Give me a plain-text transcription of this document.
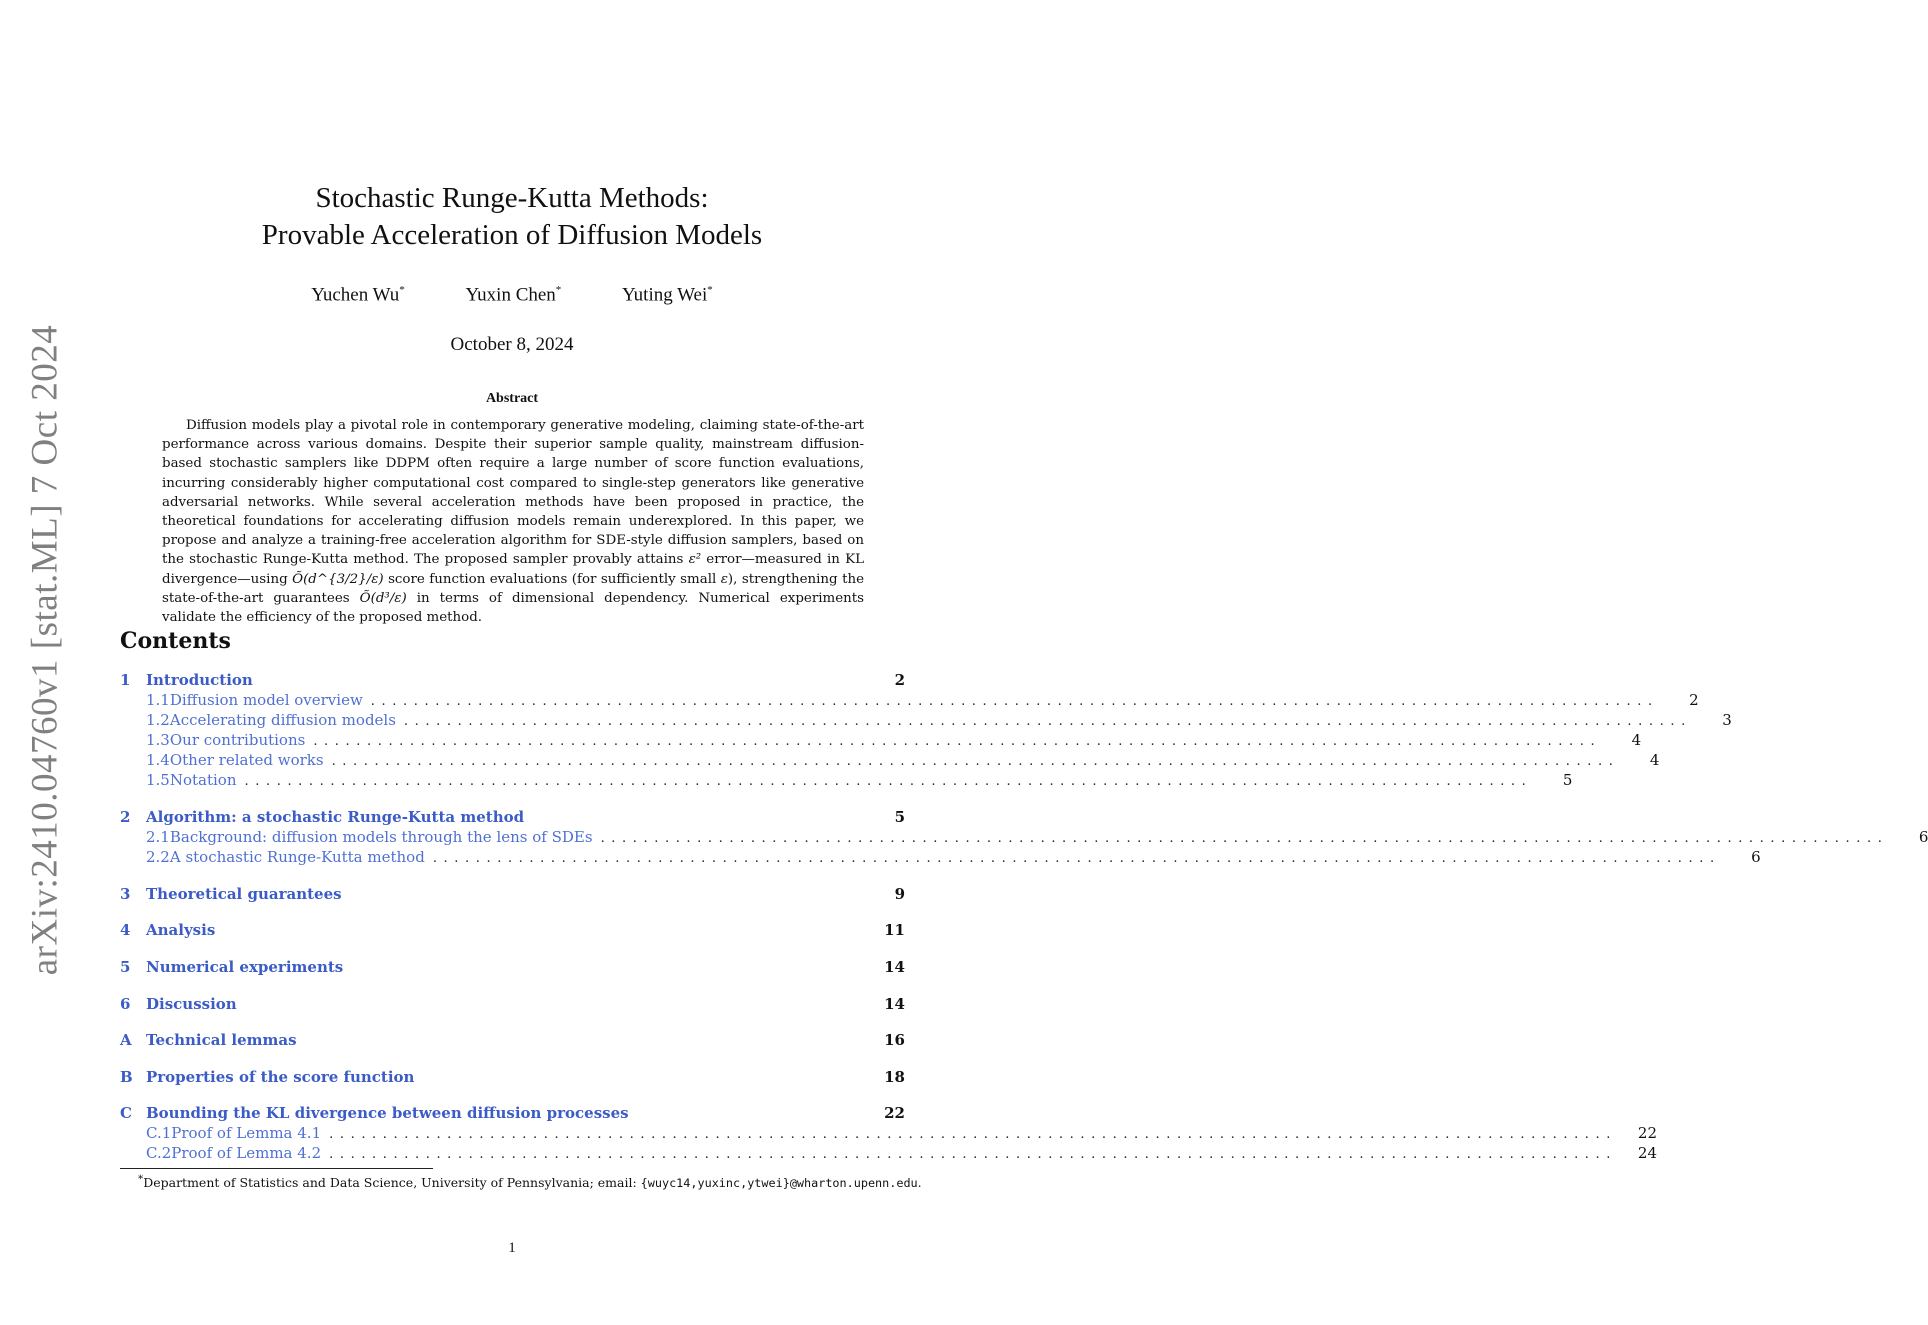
arXiv:2410.04760v1 [stat.ML] 7 Oct 2024
Stochastic Runge-Kutta Methods:
Provable Acceleration of Diffusion Models
Yuchen Wu*	Yuxin Chen*	Yuting Wei*
October 8, 2024
Abstract
Diffusion models play a pivotal role in contemporary generative modeling, claiming state-of-the-art performance across various domains. Despite their superior sample quality, mainstream diffusion-based stochastic samplers like DDPM often require a large number of score function evaluations, incurring considerably higher computational cost compared to single-step generators like generative adversarial networks. While several acceleration methods have been proposed in practice, the theoretical foundations for accelerating diffusion models remain underexplored. In this paper, we propose and analyze a training-free acceleration algorithm for SDE-style diffusion samplers, based on the stochastic Runge-Kutta method. The proposed sampler provably attains ε² error—measured in KL divergence—using Õ(d^{3/2}/ε) score function evaluations (for sufficiently small ε), strengthening the state-of-the-art guarantees Õ(d³/ε) in terms of dimensional dependency. Numerical experiments validate the efficiency of the proposed method.
Contents
1	Introduction	2
1.1 Diffusion model overview ........................................................................................................................	2
1.2 Accelerating diffusion models ........................................................................................................................	3
1.3 Our contributions ........................................................................................................................	4
1.4 Other related works ........................................................................................................................	4
1.5 Notation ........................................................................................................................	5
2	Algorithm: a stochastic Runge-Kutta method	5
2.1 Background: diffusion models through the lens of SDEs ........................................................................................................................	6
2.2 A stochastic Runge-Kutta method ........................................................................................................................	6
3	Theoretical guarantees	9
4	Analysis	11
5	Numerical experiments	14
6	Discussion	14
A Technical lemmas	16
B Properties of the score function	18
C Bounding the KL divergence between diffusion processes	22
C.1 Proof of Lemma 4.1 ........................................................................................................................ 22
C.2 Proof of Lemma 4.2 ........................................................................................................................ 24
*Department of Statistics and Data Science, University of Pennsylvania; email: {wuyc14,yuxinc,ytwei}@wharton.upenn.edu.
1
